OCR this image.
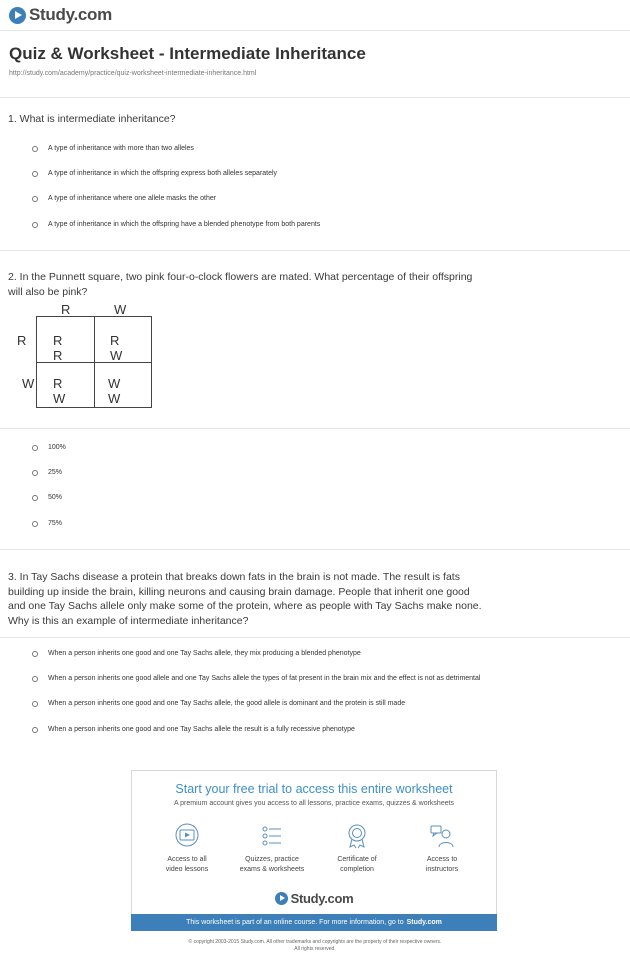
Study.com
Quiz & Worksheet - Intermediate Inheritance
http://study.com/academy/practice/quiz-worksheet-intermediate-inheritance.html
1. What is intermediate inheritance?
A type of inheritance with more than two alleles
A type of inheritance in which the offspring express both alleles separately
A type of inheritance where one allele masks the other
A type of inheritance in which the offspring have a blended phenotype from both parents
2. In the Punnett square, two pink four-o-clock flowers are mated. What percentage of their offspring
will also be pink?
R	W
R
W
R R
R W
R W
W W
100%
25%
50%
75%
3. In Tay Sachs disease a protein that breaks down fats in the brain is not made. The result is fats
building up inside the brain, killing neurons and causing brain damage. People that inherit one good
and one Tay Sachs allele only make some of the protein, where as people with Tay Sachs make none.
Why is this an example of intermediate inheritance?
When a person inherits one good and one Tay Sachs allele, they mix producing a blended phenotype
When a person inherits one good allele and one Tay Sachs allele the types of fat present in the brain mix and the effect is not as detrimental
When a person inherits one good and one Tay Sachs allele, the good allele is dominant and the protein is still made
When a person inherits one good and one Tay Sachs allele the result is a fully recessive phenotype
Start your free trial to access this entire worksheet
A premium account gives you access to all lessons, practice exams, quizzes & worksheets
Access to all
video lessons
Quizzes, practice
exams & worksheets
Certificate of
completion
Access to
instructors
Study.com
This worksheet is part of an online course. For more information, go to Study.com
© copyright 2003-2015 Study.com. All other trademarks and copyrights are the property of their respective owners.
All rights reserved.
